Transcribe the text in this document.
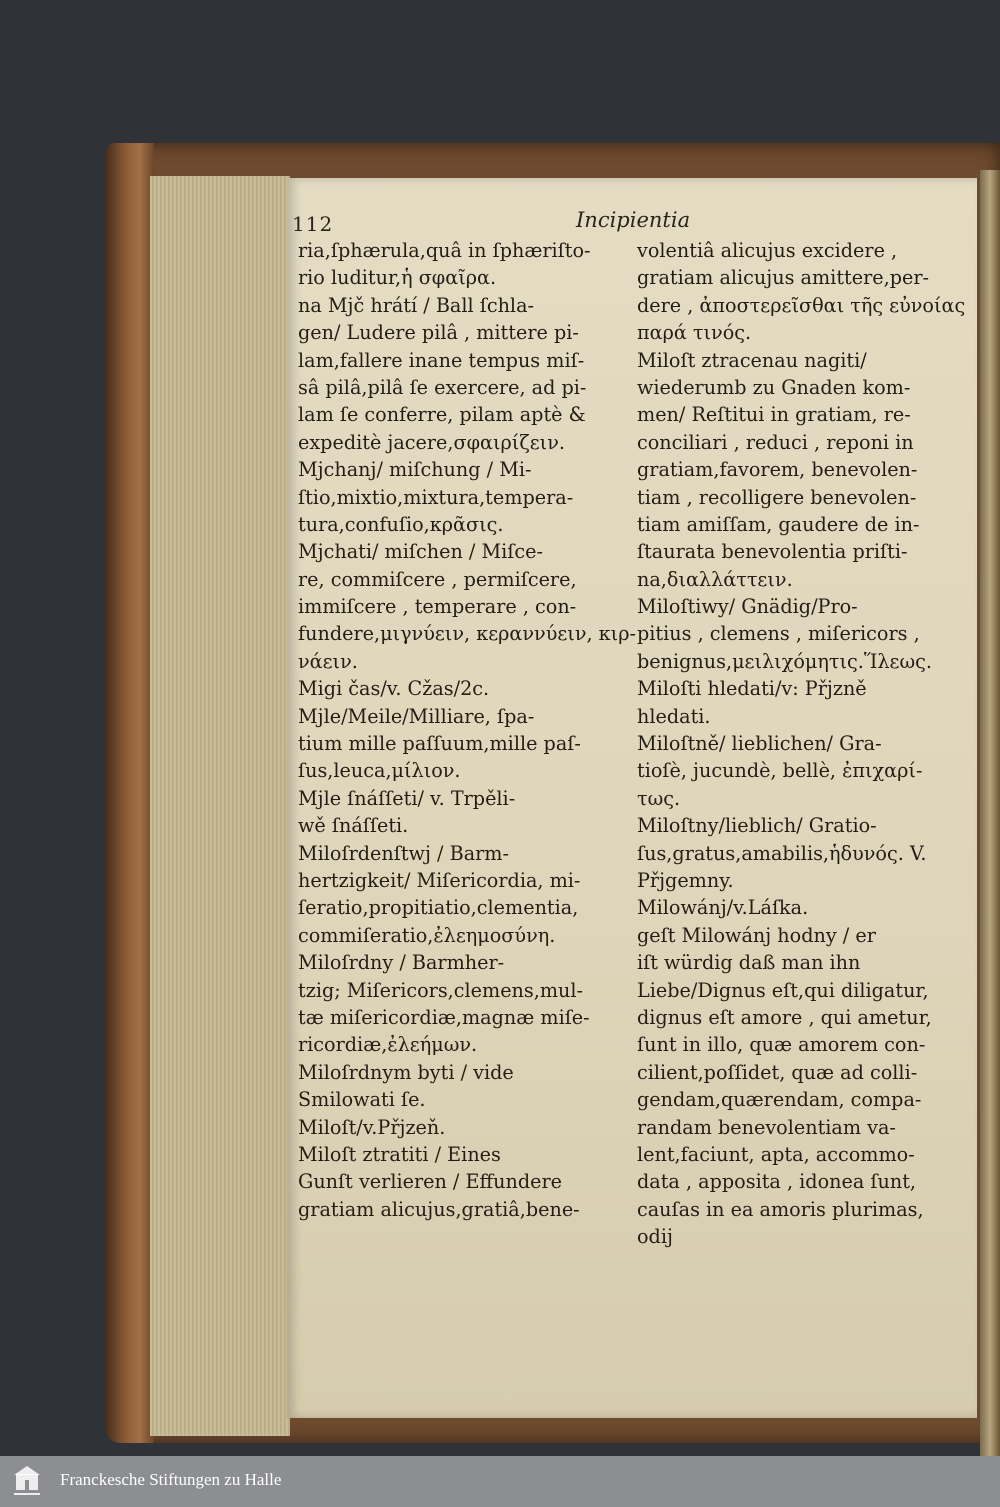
112	Incipientia
ria,ſphærula,quâ in ſphæriſto-
rio luditur,ἡ σφαῖρα.
na Mjč hrátí / Ball ſchla-
gen/ Ludere pilâ , mittere pi-
lam,fallere inane tempus miſ-
sâ pilâ,pilâ ſe exercere, ad pi-
lam ſe conferre, pilam aptè &
expeditè jacere,σφαιρίζειν.
Mjchanj/ miſchung / Mi-
ſtio,mixtio,mixtura,tempera-
tura,confuſio,κρᾶσις.
Mjchati/ miſchen / Miſce-
re, commiſcere , permiſcere,
immiſcere , temperare , con-
fundere,μιγνύειν, κεραννύειν, κιρ-
νάειν.
Migi čas/v. Cžas/2c.
Mjle/Meile/Milliare, ſpa-
tium mille paſſuum,mille paſ-
ſus,leuca,μίλιον.
Mjle ſnáſſeti/ v. Trpěli-
wě ſnáſſeti.
Miloſrdenſtwj / Barm-
hertzigkeit/ Miſericordia, mi-
ſeratio,propitiatio,clementia,
commiſeratio,ἐλεημοσύνη.
Miloſrdny / Barmher-
tzig; Miſericors,clemens,mul-
tæ miſericordiæ,magnæ miſe-
ricordiæ,ἐλεήμων.
Miloſrdnym byti / vide
Smilowati ſe.
Miloſt/v.Přjzeň.
Miloſt ztratiti / Eines
Gunſt verlieren / Effundere
gratiam alicujus,gratiâ,bene-
volentiâ alicujus excidere ,
gratiam alicujus amittere,per-
dere , ἀποστερεῖσθαι τῆς εὐνοίας
παρά τινός.
Miloſt ztracenau nagiti/
wiederumb zu Gnaden kom-
men/ Reſtitui in gratiam, re-
conciliari , reduci , reponi in
gratiam,favorem, benevolen-
tiam , recolligere benevolen-
tiam amiſſam, gaudere de in-
ſtaurata benevolentia priſti-
na,διαλλάττειν.
Miloſtiwy/ Gnädig/Pro-
pitius , clemens , miſericors ,
benignus,μειλιχόμητις.Ἵλεως.
Miloſti hledati/v: Přjzně
hledati.
Miloſtně/ lieblichen/ Gra-
tioſè, jucundè, bellè, ἐπιχαρί-
τως.
Miloſtny/lieblich/ Gratio-
ſus,gratus,amabilis,ἡδυνός. V.
Přjgemny.
Milowánj/v.Láſka.
geſt Milowánj hodny / er
iſt würdig daß man ihn
Liebe/Dignus eſt,qui diligatur,
dignus eſt amore , qui ametur,
ſunt in illo, quæ amorem con-
cilient,poſſidet, quæ ad colli-
gendam,quærendam, compa-
randam benevolentiam va-
lent,faciunt, apta, accommo-
data , apposita , idonea ſunt,
cauſas in ea amoris plurimas,
odij
Franckesche Stiftungen zu Halle
